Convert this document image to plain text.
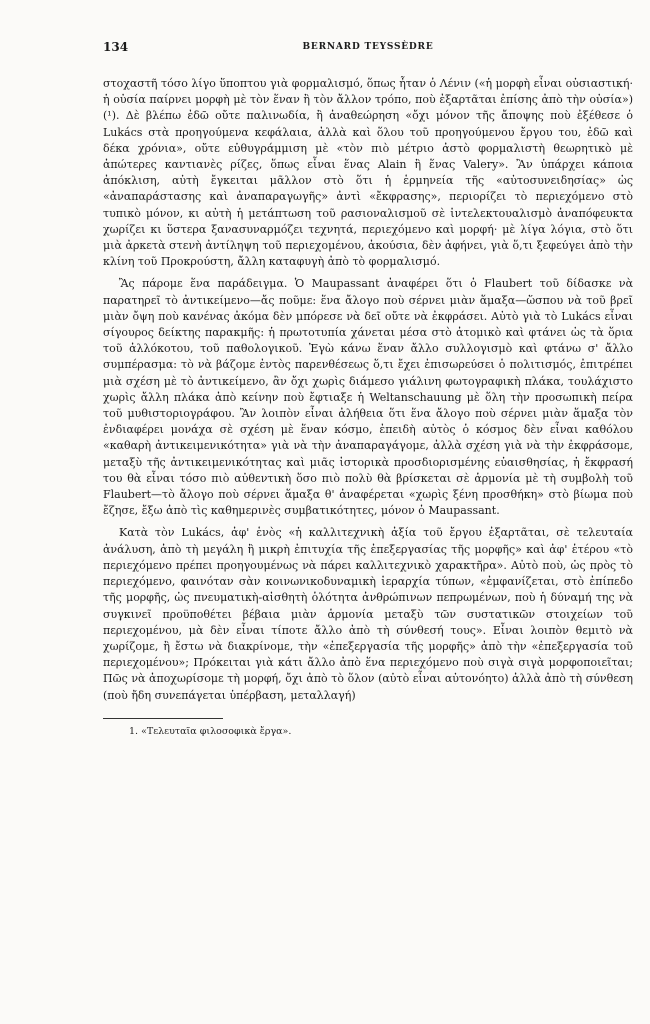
134	BERNARD TEYSSÈDRE

στοχαστῆ τόσο λίγο ὕποπτου γιὰ φορμαλισμό, ὅπως ἦταν ὁ Λένιν («ἡ μορφὴ εἶναι οὐσιαστική· ἡ οὐσία παίρνει μορφὴ μὲ τὸν ἕναν ἢ τὸν ἄλλον τρόπο, ποὺ ἐξαρτᾶται ἐπίσης ἀπὸ τὴν οὐσία») (¹). Δὲ βλέπω ἐδῶ οὔτε παλινωδία, ἢ ἀναθεώρηση «ὄχι μόνον τῆς ἄποψης ποὺ ἐξέθεσε ὁ Lukács στὰ προηγούμενα κεφάλαια, ἀλλὰ καὶ ὅλου τοῦ προηγούμενου ἔργου του, ἐδῶ καὶ δέκα χρόνια», οὔτε εὐθυγράμμιση μὲ «τὸν πιὸ μέτριο ἀστὸ φορμαλιστὴ θεωρητικὸ μὲ ἀπώτερες καντιανὲς ρίζες, ὅπως εἶναι ἕνας Alain ἢ ἕνας Valery». Ἂν ὑπάρχει κάποια ἀπόκλιση, αὐτὴ ἔγκειται μᾶλλον στὸ ὅτι ἡ ἑρμηνεία τῆς «αὐτοσυνειδησίας» ὡς «ἀναπαράστασης καὶ ἀναπαραγωγῆς» ἀντὶ «ἔκφρασης», περιορίζει τὸ περιεχόμενο στὸ τυπικὸ μόνον, κι αὐτὴ ἡ μετάπτωση τοῦ ρασιοναλισμοῦ σὲ ἰντελεκτουαλισμὸ ἀναπόφευκτα χωρίζει κι ὕστερα ξανασυναρμόζει τεχνητά, περιεχόμενο καὶ μορφή· μὲ λίγα λόγια, στὸ ὅτι μιὰ ἀρκετὰ στενὴ ἀντίληψη τοῦ περιεχομένου, ἀκούσια, δὲν ἀφήνει, γιὰ ὅ,τι ξεφεύγει ἀπὸ τὴν κλίνη τοῦ Προκρούστη, ἄλλη καταφυγὴ ἀπὸ τὸ φορμαλισμό.

Ἂς πάρομε ἕνα παράδειγμα. Ὁ Maupassant ἀναφέρει ὅτι ὁ Flaubert τοῦ δίδασκε νὰ παρατηρεῖ τὸ ἀντικείμενο—ἄς ποῦμε: ἕνα ἄλογο ποὺ σέρνει μιὰν ἅμαξα—ὥσπου νὰ τοῦ βρεῖ μιὰν ὄψη ποὺ κανένας ἀκόμα δὲν μπόρεσε νὰ δεῖ οὔτε νὰ ἐκφράσει. Αὐτὸ γιὰ τὸ Lukács εἶναι σίγουρος δείκτης παρακμῆς: ἡ πρωτοτυπία χάνεται μέσα στὸ ἀτομικὸ καὶ φτάνει ὡς τὰ ὅρια τοῦ ἀλλόκοτου, τοῦ παθολογικοῦ. Ἐγὼ κάνω ἕναν ἄλλο συλλογισμὸ καὶ φτάνω σ' ἄλλο συμπέρασμα: τὸ νὰ βάζομε ἐντὸς παρενθέσεως ὅ,τι ἔχει ἐπισωρεύσει ὁ πολιτισμός, ἐπιτρέπει μιὰ σχέση μὲ τὸ ἀντικείμενο, ἂν ὄχι χωρὶς διάμεσο γιάλινη φωτογραφικὴ πλάκα, τουλάχιστο χωρὶς ἄλλη πλάκα ἀπὸ κείνην ποὺ ἔφτιαξε ἡ Weltanschauung μὲ ὅλη τὴν προσωπικὴ πείρα τοῦ μυθιστοριογράφου. Ἂν λοιπὸν εἶναι ἀλήθεια ὅτι ἕνα ἄλογο ποὺ σέρνει μιὰν ἅμαξα τὸν ἐνδιαφέρει μονάχα σὲ σχέση μὲ ἕναν κόσμο, ἐπειδὴ αὐτὸς ὁ κόσμος δὲν εἶναι καθόλου «καθαρὴ ἀντικειμενικότητα» γιὰ νὰ τὴν ἀναπαραγάγομε, ἀλλὰ σχέση γιὰ νὰ τὴν ἐκφράσομε, μεταξὺ τῆς ἀντικειμενικότητας καὶ μιᾶς ἱστορικὰ προσδιορισμένης εὐαισθησίας, ἡ ἔκφρασή του θὰ εἶναι τόσο πιὸ αὐθεντικὴ ὅσο πιὸ πολὺ θὰ βρίσκεται σὲ ἁρμονία μὲ τὴ συμβολὴ τοῦ Flaubert—τὸ ἄλογο ποὺ σέρνει ἅμαξα θ' ἀναφέρεται «χωρὶς ξένη προσθήκη» στὸ βίωμα ποὺ ἔζησε, ἔξω ἀπὸ τὶς καθημερινὲς συμβατικότητες, μόνον ὁ Maupassant.

Κατὰ τὸν Lukács, ἀφ' ἑνὸς «ἡ καλλιτεχνικὴ ἀξία τοῦ ἔργου ἐξαρτᾶται, σὲ τελευταία ἀνάλυση, ἀπὸ τὴ μεγάλη ἢ μικρὴ ἐπιτυχία τῆς ἐπεξεργασίας τῆς μορφῆς» καὶ ἀφ' ἑτέρου «τὸ περιεχόμενο πρέπει προηγουμένως νὰ πάρει καλλιτεχνικὸ χαρακτῆρα». Αὐτὸ ποὺ, ὡς πρὸς τὸ περιεχόμενο, φαινόταν σὰν κοινωνικοδυναμικὴ ἱεραρχία τύπων, «ἐμφανίζεται, στὸ ἐπίπεδο τῆς μορφῆς, ὡς πνευματικὴ-αἰσθητὴ ὁλότητα ἀνθρώπινων πεπρωμένων, ποὺ ἡ δύναμή της νὰ συγκινεῖ προϋποθέτει βέβαια μιὰν ἁρμονία μεταξὺ τῶν συστατικῶν στοιχείων τοῦ περιεχομένου, μὰ δὲν εἶναι τίποτε ἄλλο ἀπὸ τὴ σύνθεσή τους». Εἶναι λοιπὸν θεμιτὸ νὰ χωρίζομε, ἢ ἔστω νὰ διακρίνομε, τὴν «ἐπεξεργασία τῆς μορφῆς» ἀπὸ τὴν «ἐπεξεργασία τοῦ περιεχομένου»; Πρόκειται γιὰ κάτι ἄλλο ἀπὸ ἕνα περιεχόμενο ποὺ σιγὰ σιγὰ μορφοποιεῖται; Πῶς νὰ ἀποχωρίσομε τὴ μορφή, ὄχι ἀπὸ τὸ ὅλον (αὐτὸ εἶναι αὐτονόητο) ἀλλὰ ἀπὸ τὴ σύνθεση (ποὺ ἤδη συνεπάγεται ὑπέρβαση, μεταλλαγή)

1. «Τελευταῖα φιλοσοφικὰ ἔργα».
